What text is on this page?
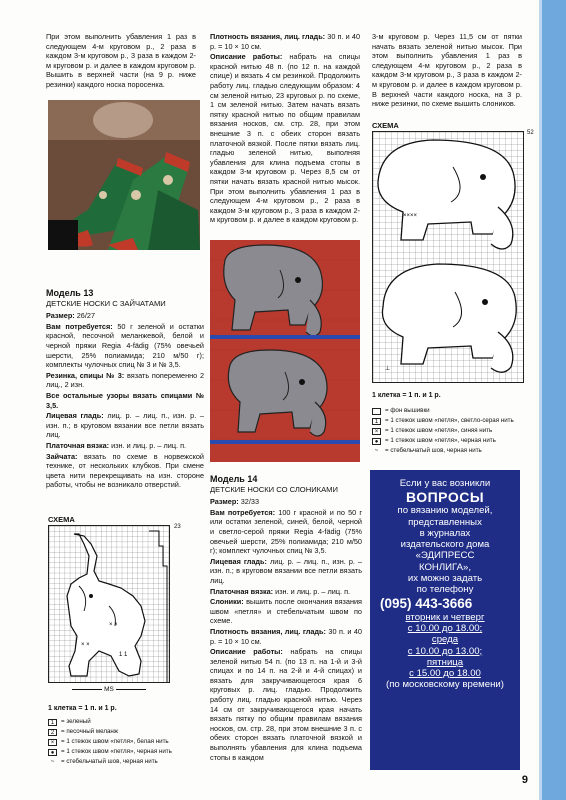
При этом выполнить убавления 1 раз в следующем 4-м круговом р., 2 раза в каждом 3-м круговом р., 3 раза в каждом 2-м круговом р. и далее в каждом круговом р. Вышить в верхней части (на 9 р. ниже резинки) каждого носка поросенка.

Модель 13
ДЕТСКИЕ НОСКИ С ЗАЙЧАТАМИ

Размер: 26/27

Вам потребуется: 50 г зеленой и остатки красной, песочной меланжевой, белой и черной пряжи Regia 4-fädig (75% овечьей шерсти, 25% полиамида; 210 м/50 г); комплекты чулочных спиц № 3 и № 3,5.

Резинка, спицы № 3: вязать попеременно 2 лиц., 2 изн.

Все остальные узоры вязать спицами № 3,5.

Лицевая гладь: лиц. р. – лиц. п., изн. р. – изн. п.; в круговом вязании все петли вязать лиц.

Платочная вязка: изн. и лиц. р. – лиц. п.

Зайчата: вязать по схеме в норвежской технике, от нескольких клубков. При смене цвета нити перекрещивать на изн. стороне работы, чтобы не возникало отверстий.

СХЕМА
× ×
× ×
1 1
23
MS
1 клетка = 1 п. и 1 р.
1	= зеленый
2	= песочный меланж
×	= 1 стежок швом «петля», белая нить
●	= 1 стежок швом «петля», черная нить
~	= стебельчатый шов, черная нить

Плотность вязания, лиц. гладь: 30 п. и 40 р. = 10 × 10 см.

Описание работы: набрать на спицы красной нитью 48 п. (по 12 п. на каждой спице) и вязать 4 см резинкой. Продолжить работу лиц. гладью следующим образом: 4 см зеленой нитью, 23 круговых р. по схеме, 1 см зеленой нитью. Затем начать вязать пятку красной нитью по общим правилам вязания носков, см. стр. 28, при этом внешние 3 п. с обеих сторон вязать платочной вязкой. После пятки вязать лиц. гладью зеленой нитью, выполняя убавления для клина подъема стопы в каждом 3-м круговом р. Через 8,5 см от пятки начать вязать красной нитью мысок. При этом выполнить убавления 1 раз в следующем 4-м круговом р., 2 раза в каждом 3-м круговом р., 3 раза в каждом 2-м круговом р. и далее в каждом круговом р.

Модель 14
ДЕТСКИЕ НОСКИ СО СЛОНИКАМИ

Размер: 32/33

Вам потребуется: 100 г красной и по 50 г или остатки зеленой, синей, белой, черной и светло-серой пряжи Regia 4-fädig (75% овечьей шерсти, 25% полиамида; 210 м/50 г); комплект чулочных спиц № 3,5.

Лицевая гладь: лиц. р. – лиц. п., изн. р. – изн. п.; в круговом вязании все петли вязать лиц.

Платочная вязка: изн. и лиц. р. – лиц. п.

Слоники: вышить после окончания вязания швом «петля» и стебельчатым швом по схеме.

Плотность вязания, лиц. гладь: 30 п. и 40 р. = 10 × 10 см.

Описание работы: набрать на спицы зеленой нитью 54 п. (по 13 п. на 1-й и 3-й спицах и по 14 п. на 2-й и 4-й спицах) и вязать для закручивающегося края 6 круговых р. лиц. гладью. Продолжить работу лиц. гладью красной нитью. Через 14 см от закручивающегося края начать вязать пятку по общим правилам вязания носков, см. стр. 28, при этом внешние 3 п. с обеих сторон вязать платочной вязкой и выполнять убавления для клина подъема стопы в каждом

3-м круговом р. Через 11,5 см от пятки начать вязать зеленой нитью мысок. При этом выполнить убавления 1 раз в следующем 4-м круговом р., 2 раза в каждом 3-м круговом р., 3 раза в каждом 2-м круговом р. и далее в каждом круговом р. В верхней части каждого носка, на 3 р. ниже резинки, по схеме вышить слоников.

СХЕМА
××××
⊥
52
1 клетка = 1 п. и 1 р.
= фон вышивки
1	= 1 стежок швом «петля», светло-серая нить
×	= 1 стежок швом «петля», синяя нить
●	= 1 стежок швом «петля», черная нить
~	= стебельчатый шов, черная нить
Если у вас возникли
ВОПРОСЫ
по вязанию моделей,
представленных
в журналах
издательского дома
«ЭДИПРЕСС
КОНЛИГА»,
их можно задать
по телефону
(095) 443-3666
вторник и четверг
с 10.00 до 18.00;
среда
с 10.00 до 13.00;
пятница
с 15.00 до 18.00
(по московскому времени)
9
